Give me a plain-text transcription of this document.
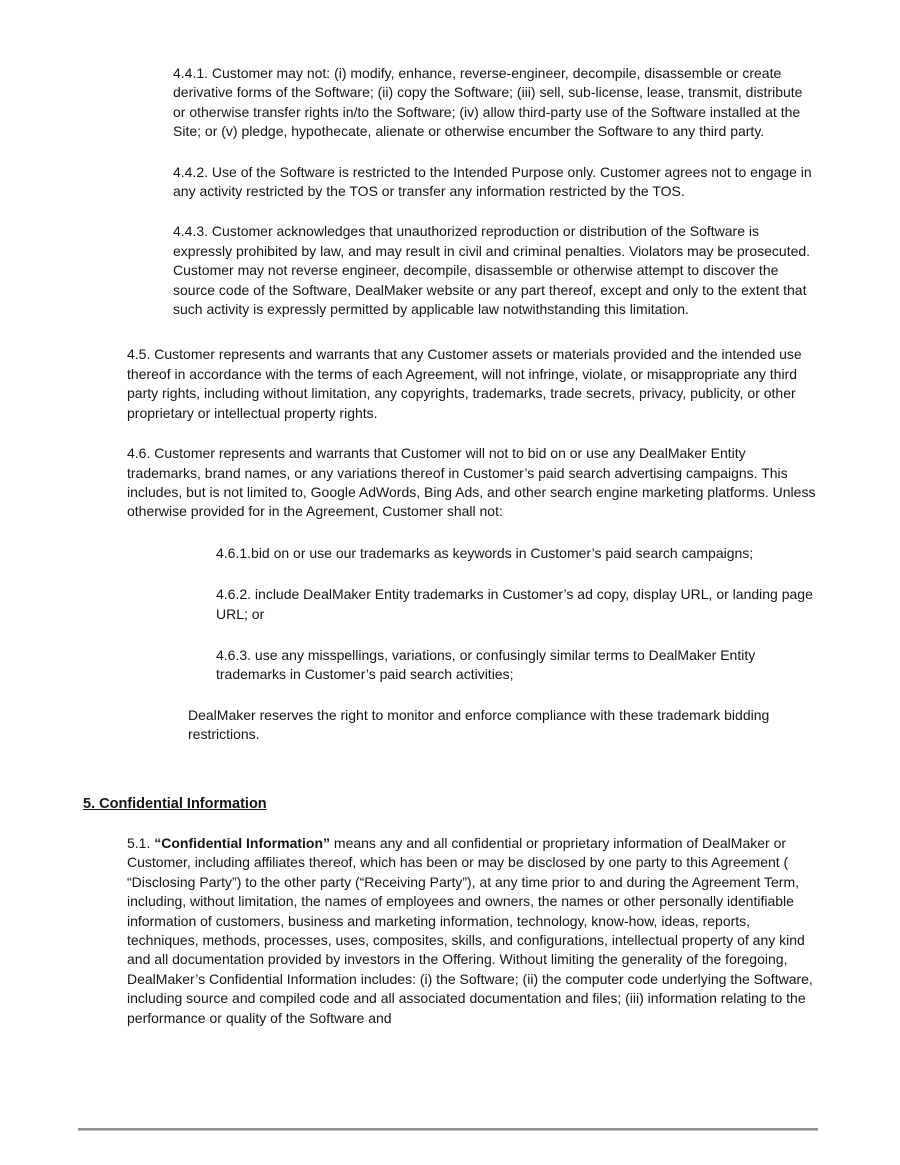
4.4.1. Customer may not: (i) modify, enhance, reverse-engineer, decompile, disassemble or create derivative forms of the Software; (ii) copy the Software; (iii) sell, sub-license, lease, transmit, distribute or otherwise transfer rights in/to the Software; (iv) allow third-party use of the Software installed at the Site; or (v) pledge, hypothecate, alienate or otherwise encumber the Software to any third party.

4.4.2. Use of the Software is restricted to the Intended Purpose only. Customer agrees not to engage in any activity restricted by the TOS or transfer any information restricted by the TOS.

4.4.3. Customer acknowledges that unauthorized reproduction or distribution of the Software is expressly prohibited by law, and may result in civil and criminal penalties. Violators may be prosecuted. Customer may not reverse engineer, decompile, disassemble or otherwise attempt to discover the source code of the Software, DealMaker website or any part thereof, except and only to the extent that such activity is expressly permitted by applicable law notwithstanding this limitation.

4.5. Customer represents and warrants that any Customer assets or materials provided and the intended use thereof in accordance with the terms of each Agreement, will not infringe, violate, or misappropriate any third party rights, including without limitation, any copyrights, trademarks, trade secrets, privacy, publicity, or other proprietary or intellectual property rights.

4.6. Customer represents and warrants that Customer will not to bid on or use any DealMaker Entity trademarks, brand names, or any variations thereof in Customer’s paid search advertising campaigns. This includes, but is not limited to, Google AdWords, Bing Ads, and other search engine marketing platforms. Unless otherwise provided for in the Agreement, Customer shall not:

4.6.1.bid on or use our trademarks as keywords in Customer’s paid search campaigns;

4.6.2. include DealMaker Entity trademarks in Customer’s ad copy, display URL, or landing page URL; or

4.6.3. use any misspellings, variations, or confusingly similar terms to DealMaker Entity trademarks in Customer’s paid search activities;

DealMaker reserves the right to monitor and enforce compliance with these trademark bidding restrictions.

5. Confidential Information

5.1. “Confidential Information” means any and all confidential or proprietary information of DealMaker or Customer, including affiliates thereof, which has been or may be disclosed by one party to this Agreement ( “Disclosing Party”) to the other party (“Receiving Party”), at any time prior to and during the Agreement Term, including, without limitation, the names of employees and owners, the names or other personally identifiable information of customers, business and marketing information, technology, know-how, ideas, reports, techniques, methods, processes, uses, composites, skills, and configurations, intellectual property of any kind and all documentation provided by investors in the Offering. Without limiting the generality of the foregoing, DealMaker’s Confidential Information includes: (i) the Software; (ii) the computer code underlying the Software, including source and compiled code and all associated documentation and files; (iii) information relating to the performance or quality of the Software and
